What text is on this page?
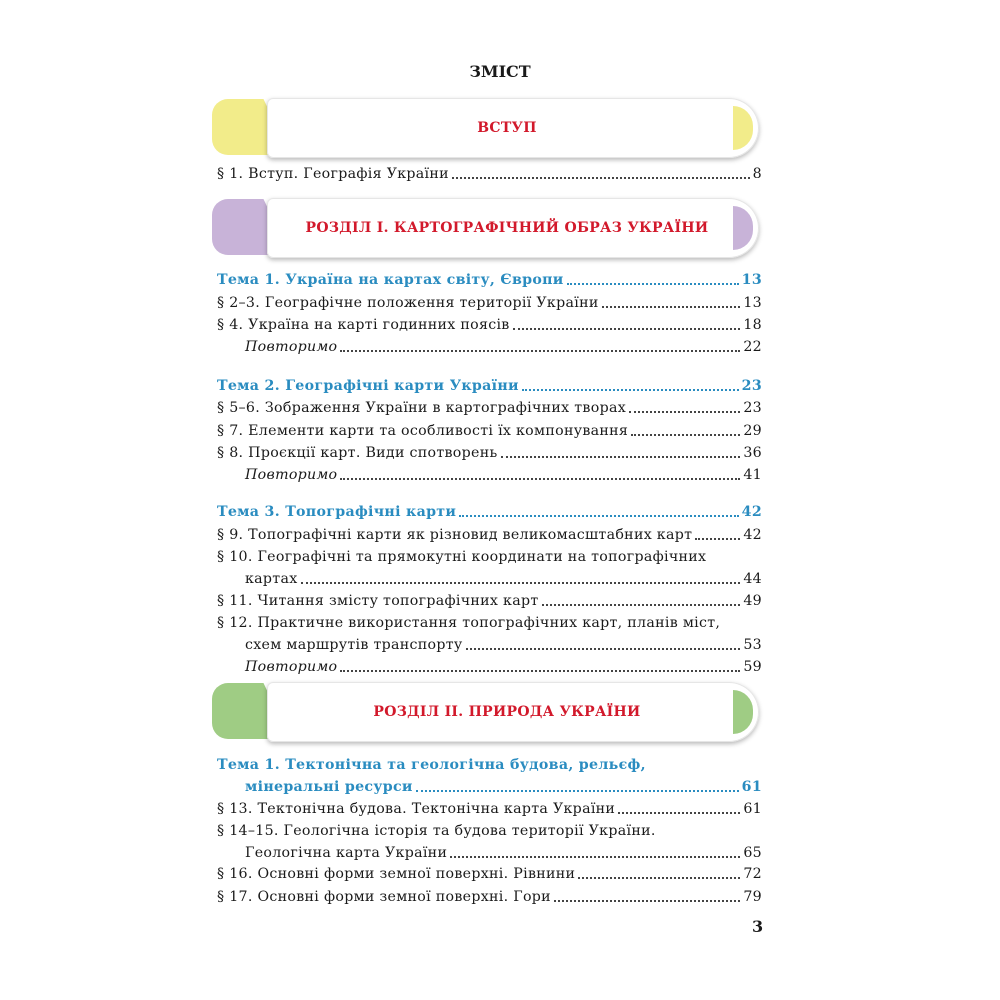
ЗМІСТ
ВСТУП
§ 1. Вступ. Географія України	8
РОЗДІЛ І. КАРТОГРАФІЧНИЙ ОБРАЗ УКРАЇНИ
Тема 1. Україна на картах світу, Європи	13
§ 2–3. Географічне положення території України	13
§ 4. Україна на карті годинних поясів	18
Повторимо	22
Тема 2. Географічні карти України	23
§ 5–6. Зображення України в картографічних творах	23
§ 7. Елементи карти та особливості їх компонування	29
§ 8. Проєкції карт. Види спотворень	36
Повторимо	41
Тема 3. Топографічні карти	42
§ 9. Топографічні карти як різновид великомасштабних карт	42
§ 10. Географічні та прямокутні координати на топографічних
картах	44
§ 11. Читання змісту топографічних карт	49
§ 12. Практичне використання топографічних карт, планів міст,
схем маршрутів транспорту	53
Повторимо	59
РОЗДІЛ ІІ. ПРИРОДА УКРАЇНИ
Тема 1. Тектонічна та геологічна будова, рельєф,
мінеральні ресурси	61
§ 13. Тектонічна будова. Тектонічна карта України	61
§ 14–15. Геологічна історія та будова території України.
Геологічна карта України	65
§ 16. Основні форми земної поверхні. Рівнини	72
§ 17. Основні форми земної поверхні. Гори	79
3
